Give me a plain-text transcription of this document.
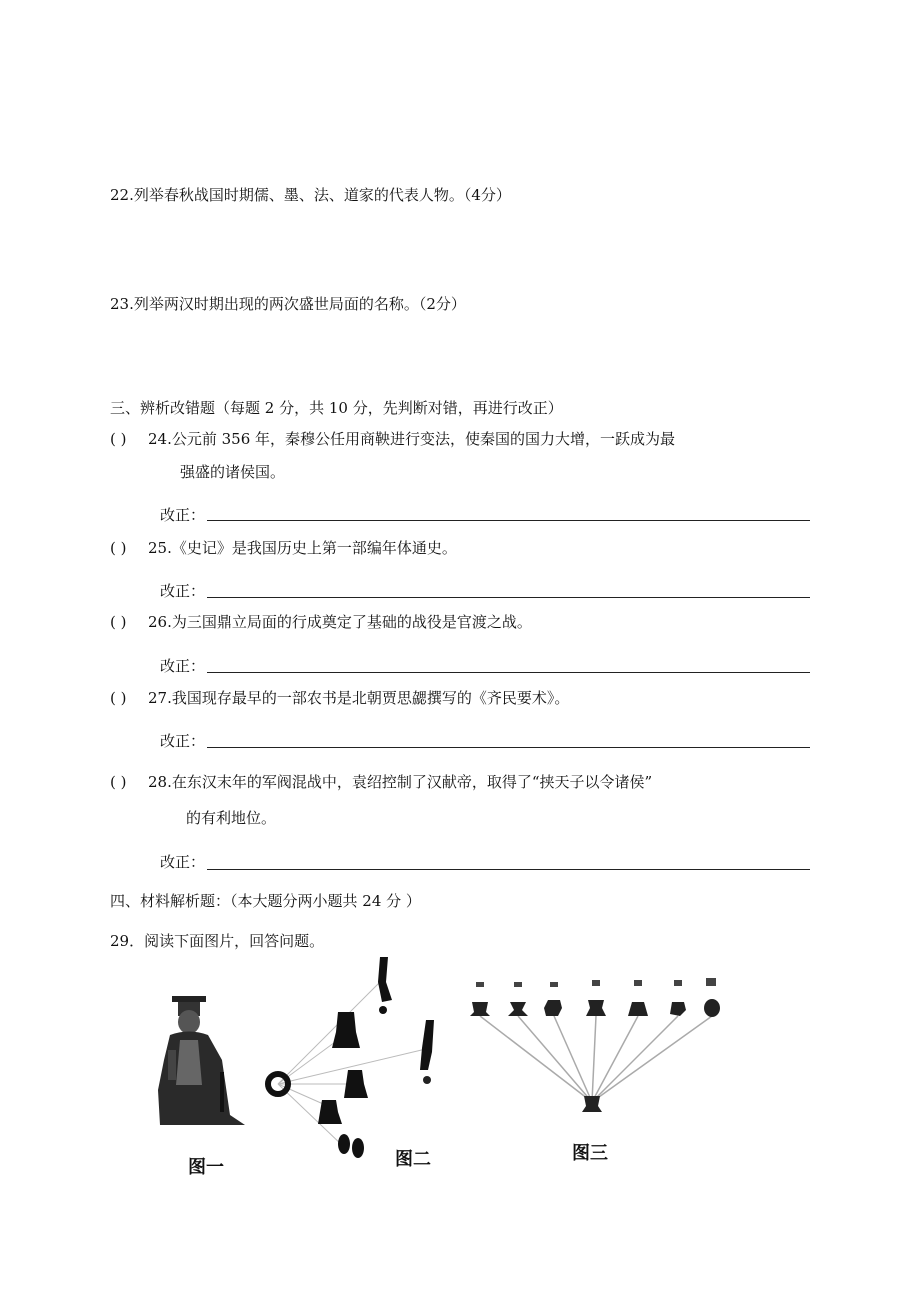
22.列举春秋战国时期儒、墨、法、道家的代表人物。（4分）
23.列举两汉时期出现的两次盛世局面的名称。（2分）
三、辨析改错题（每题 2 分，共 10 分，先判断对错，再进行改正）
( ) 24.公元前 356 年，秦穆公任用商鞅进行变法，使秦国的国力大增，一跃成为最
强盛的诸侯国。
改正：
( ) 25.《史记》是我国历史上第一部编年体通史。
改正：
( ) 26.为三国鼎立局面的行成奠定了基础的战役是官渡之战。
改正：
( ) 27.我国现存最早的一部农书是北朝贾思勰撰写的《齐民要术》。
改正：
( ) 28.在东汉末年的军阀混战中，袁绍控制了汉献帝，取得了“挟天子以令诸侯”
的有利地位。
改正：
四、材料解析题：（本大题分两小题共 24 分 ）
29．阅读下面图片，回答问题。
图一	图二	图三
